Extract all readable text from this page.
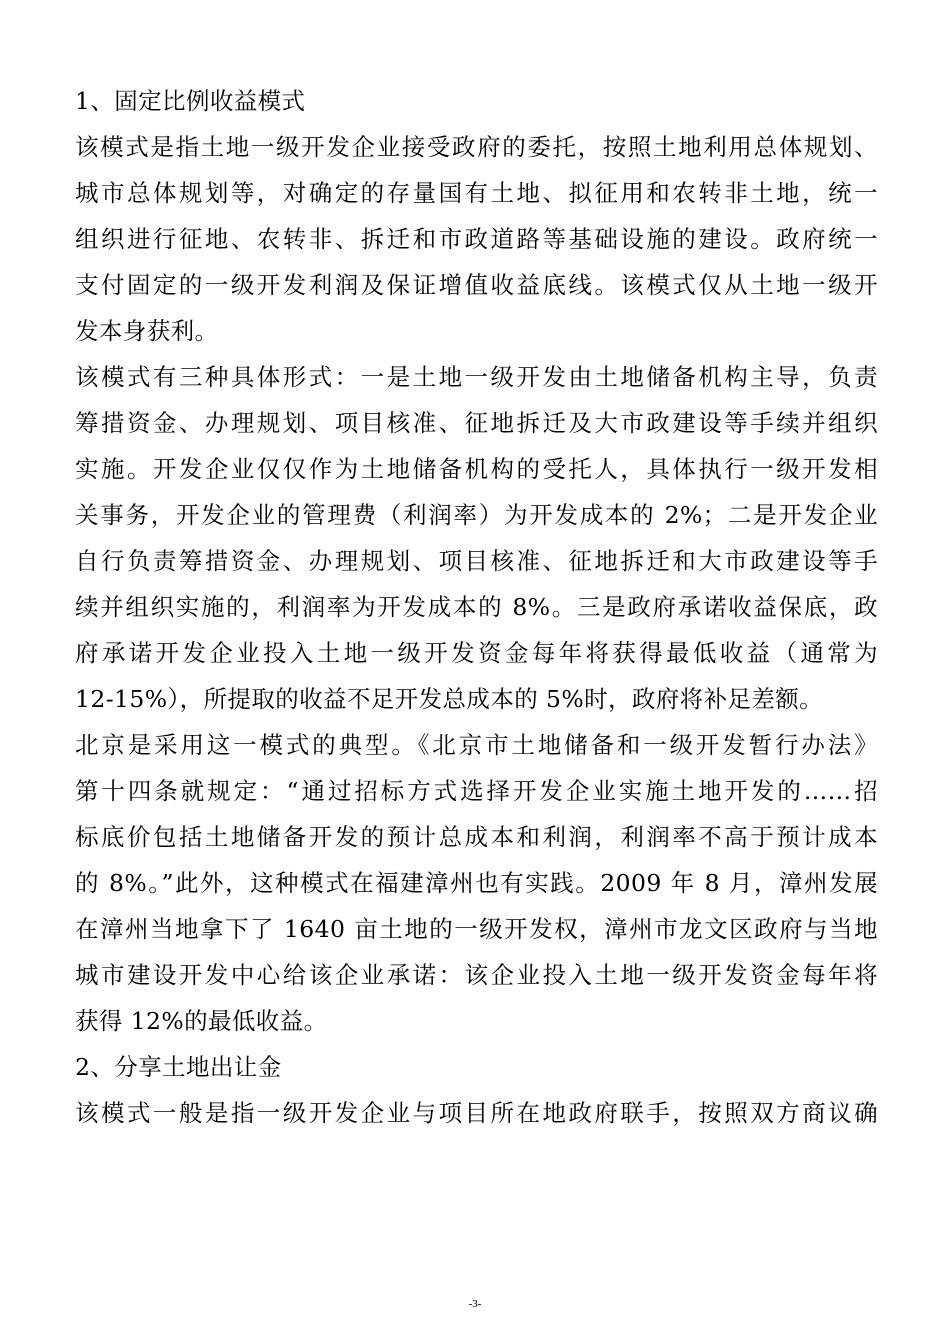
1、固定比例收益模式
该模式是指土地一级开发企业接受政府的委托，按照土地利用总体规划、
城市总体规划等，对确定的存量国有土地、拟征用和农转非土地，统一
组织进行征地、农转非、拆迁和市政道路等基础设施的建设。政府统一
支付固定的一级开发利润及保证增值收益底线。该模式仅从土地一级开
发本身获利。
该模式有三种具体形式：一是土地一级开发由土地储备机构主导，负责
筹措资金、办理规划、项目核准、征地拆迁及大市政建设等手续并组织
实施。开发企业仅仅作为土地储备机构的受托人，具体执行一级开发相
关事务，开发企业的管理费（利润率）为开发成本的 2%；二是开发企业
自行负责筹措资金、办理规划、项目核准、征地拆迁和大市政建设等手
续并组织实施的，利润率为开发成本的 8%。三是政府承诺收益保底，政
府承诺开发企业投入土地一级开发资金每年将获得最低收益（通常为
12-15%），所提取的收益不足开发总成本的 5%时，政府将补足差额。
北京是采用这一模式的典型。《北京市土地储备和一级开发暂行办法》
第十四条就规定：“通过招标方式选择开发企业实施土地开发的……招
标底价包括土地储备开发的预计总成本和利润，利润率不高于预计成本
的 8%。”此外，这种模式在福建漳州也有实践。2009 年 8 月，漳州发展
在漳州当地拿下了 1640 亩土地的一级开发权，漳州市龙文区政府与当地
城市建设开发中心给该企业承诺：该企业投入土地一级开发资金每年将
获得 12%的最低收益。
2、分享土地出让金
该模式一般是指一级开发企业与项目所在地政府联手，按照双方商议确
-3-
